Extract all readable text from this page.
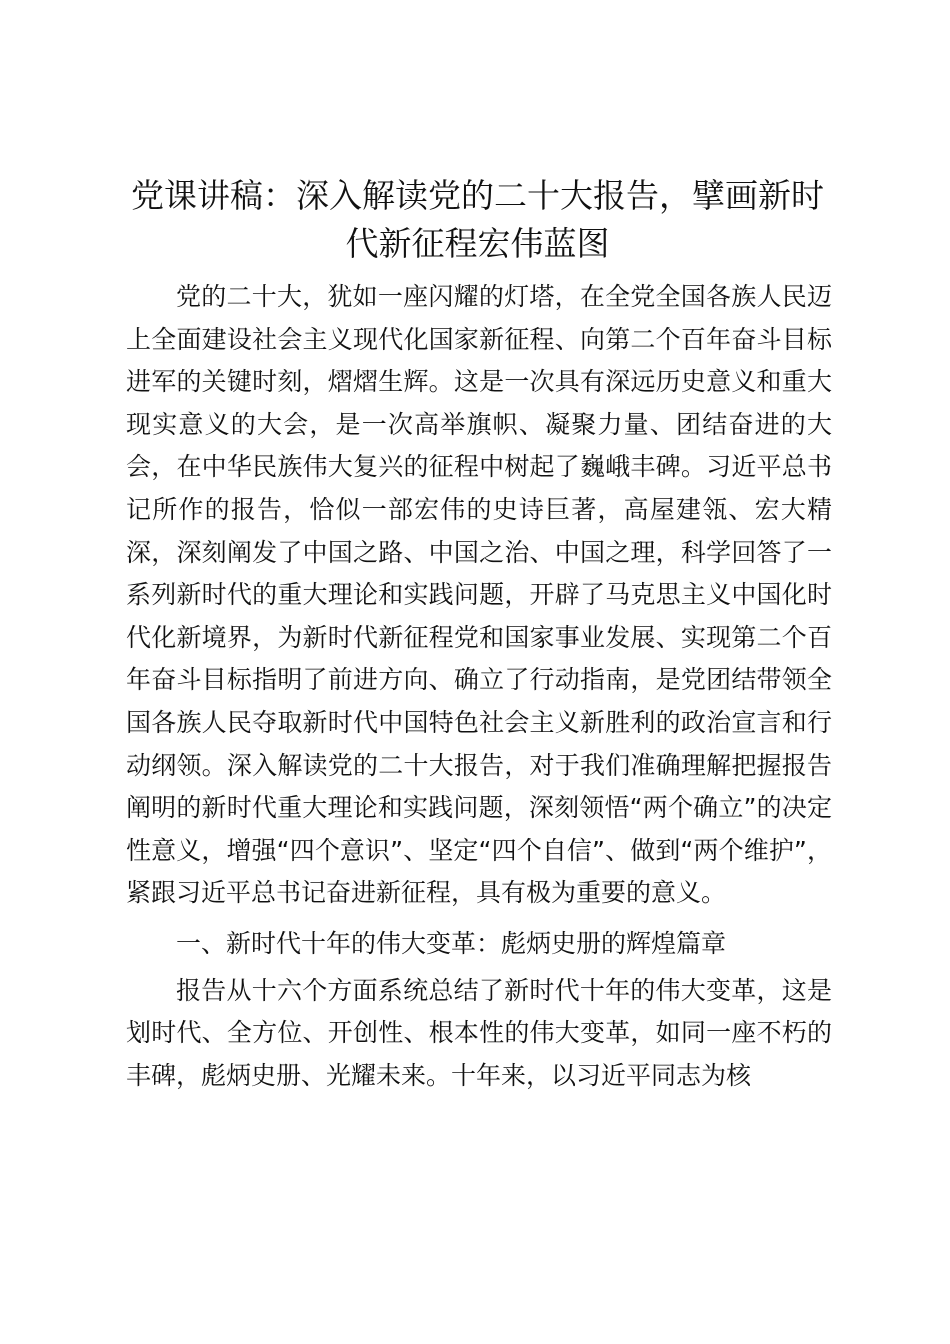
党课讲稿：深入解读党的二十大报告，擘画新时代新征程宏伟蓝图

党的二十大，犹如一座闪耀的灯塔，在全党全国各族人民迈上全面建设社会主义现代化国家新征程、向第二个百年奋斗目标进军的关键时刻，熠熠生辉。这是一次具有深远历史意义和重大现实意义的大会，是一次高举旗帜、凝聚力量、团结奋进的大会，在中华民族伟大复兴的征程中树起了巍峨丰碑。习近平总书记所作的报告，恰似一部宏伟的史诗巨著，高屋建瓴、宏大精深，深刻阐发了中国之路、中国之治、中国之理，科学回答了一系列新时代的重大理论和实践问题，开辟了马克思主义中国化时代化新境界，为新时代新征程党和国家事业发展、实现第二个百年奋斗目标指明了前进方向、确立了行动指南，是党团结带领全国各族人民夺取新时代中国特色社会主义新胜利的政治宣言和行动纲领。深入解读党的二十大报告，对于我们准确理解把握报告阐明的新时代重大理论和实践问题，深刻领悟“两个确立”的决定性意义，增强“四个意识”、坚定“四个自信”、做到“两个维护”，紧跟习近平总书记奋进新征程，具有极为重要的意义。

一、新时代十年的伟大变革：彪炳史册的辉煌篇章

报告从十六个方面系统总结了新时代十年的伟大变革，这是划时代、全方位、开创性、根本性的伟大变革，如同一座不朽的丰碑，彪炳史册、光耀未来。十年来，以习近平同志为核
